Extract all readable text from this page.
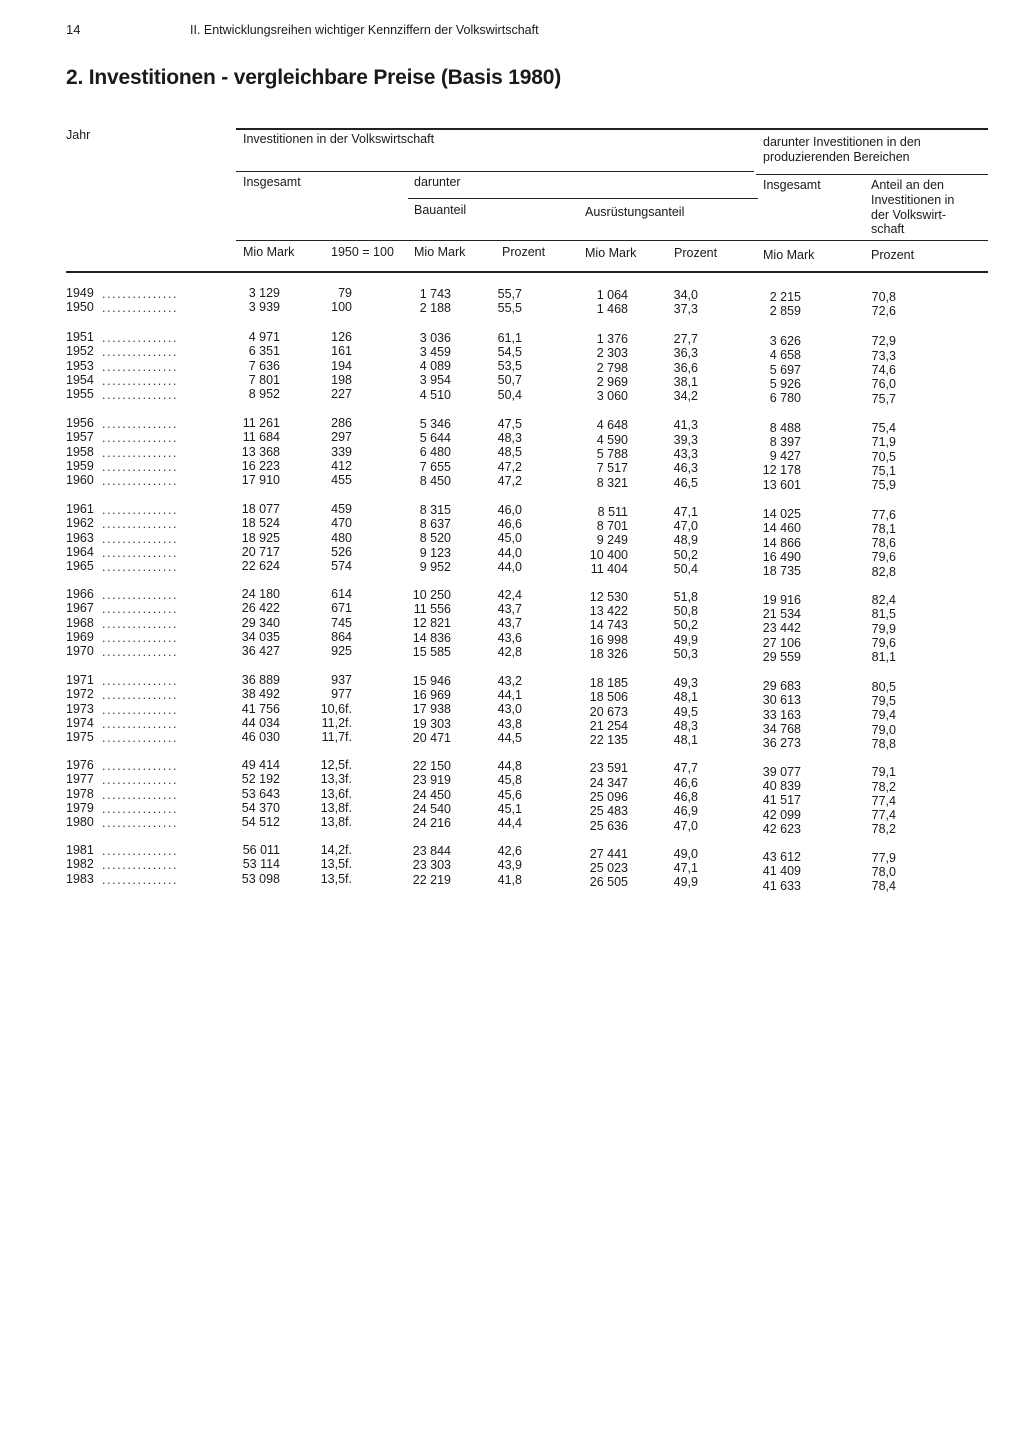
14	II. Entwicklungsreihen wichtiger Kennziffern der Volkswirtschaft
2. Investitionen - vergleichbare Preise (Basis 1980)
Jahr	Investitionen in der Volkswirtschaft	darunter Investitionen in den
produzierenden Bereichen
Insgesamt	darunter	Insgesamt	Anteil an den
Investitionen in
der Volkswirt-
schaft
Bauanteil	Ausrüstungsanteil
Mio Mark	1950 = 100 Mio Mark	Prozent	Mio Mark	Prozent	Mio Mark	Prozent
1949 ...............	3 129	79	1 743	55,7	1 064	34,0	2 215	70,8
1950 ...............	3 939	100	2 188	55,5	1 468	37,3	2 859	72,6
1951 ...............	4 971	126	3 036	61,1	1 376	27,7	3 626	72,9
1952 ...............	6 351	161	3 459	54,5	2 303	36,3	4 658	73,3
1953 ...............	7 636	194	4 089	53,5	2 798	36,6	5 697	74,6
1954 ...............	7 801	198	3 954	50,7	2 969	38,1	5 926	76,0
1955 ...............	8 952	227	4 510	50,4	3 060	34,2	6 780	75,7
1956 ...............	11 261	286	5 346	47,5	4 648	41,3	8 488	75,4
1957 ...............	11 684	297	5 644	48,3	4 590	39,3	8 397	71,9
1958 ...............	13 368	339	6 480	48,5	5 788	43,3	9 427	70,5
1959 ...............	16 223	412	7 655	47,2	7 517	46,3	12 178	75,1
1960 ...............	17 910	455	8 450	47,2	8 321	46,5	13 601	75,9
1961 ...............	18 077	459	8 315	46,0	8 511	47,1	14 025	77,6
1962 ...............	18 524	470	8 637	46,6	8 701	47,0	14 460	78,1
1963 ...............	18 925	480	8 520	45,0	9 249	48,9	14 866	78,6
1964 ...............	20 717	526	9 123	44,0	10 400	50,2	16 490	79,6
1965 ...............	22 624	574	9 952	44,0	11 404	50,4	18 735	82,8
1966 ...............	24 180	614	10 250	42,4	12 530	51,8	19 916	82,4
1967 ...............	26 422	671	11 556	43,7	13 422	50,8	21 534	81,5
1968 ...............	29 340	745	12 821	43,7	14 743	50,2	23 442	79,9
1969 ...............	34 035	864	14 836	43,6	16 998	49,9	27 106	79,6
1970 ...............	36 427	925	15 585	42,8	18 326	50,3	29 559	81,1
1971 ...............	36 889	937	15 946	43,2	18 185	49,3	29 683	80,5
1972 ...............	38 492	977	16 969	44,1	18 506	48,1	30 613	79,5
1973 ...............	41 756	10,6f.	17 938	43,0	20 673	49,5	33 163	79,4
1974 ...............	44 034	11,2f.	19 303	43,8	21 254	48,3	34 768	79,0
1975 ...............	46 030	11,7f.	20 471	44,5	22 135	48,1	36 273	78,8
1976 ...............	49 414	12,5f.	22 150	44,8	23 591	47,7	39 077	79,1
1977 ...............	52 192	13,3f.	23 919	45,8	24 347	46,6	40 839	78,2
1978 ...............	53 643	13,6f.	24 450	45,6	25 096	46,8	41 517	77,4
1979 ...............	54 370	13,8f.	24 540	45,1	25 483	46,9	42 099	77,4
1980 ...............	54 512	13,8f.	24 216	44,4	25 636	47,0	42 623	78,2
1981 ...............	56 011	14,2f.	23 844	42,6	27 441	49,0	43 612	77,9
1982 ...............	53 114	13,5f.	23 303	43,9	25 023	47,1	41 409	78,0
1983 ...............	53 098	13,5f.	22 219	41,8	26 505	49,9	41 633	78,4
